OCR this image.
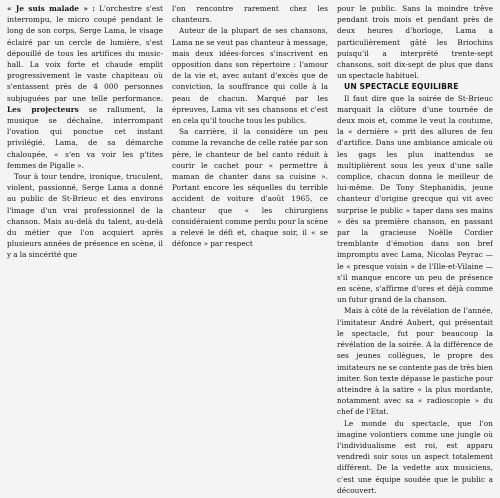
« Je suis malade » : L'orchestre s'est interrompu, le micro coupé pendant le long de son corps, Serge Lama, le visage éclairé par un cercle de lumière, s'est dépouillé de tous les artifices du music-hall. La voix forte et chaude emplit progressivement le vaste chapiteau où s'entassent près de 4 000 personnes subjuguées par une telle performance. Les projecteurs se rallument, la musique se déchaîne, interrompant l'ovation qui ponctue cet instant privilégié. Lama, de sa démarche chaloupée, « s'en va voir les p'tites femmes de Pigalle ».

Tour à tour tendre, ironique, truculent, violent, passionné, Serge Lama a donné au public de St-Brieuc et des environs l'image d'un vrai professionnel de la chanson. Mais au-delà du talent, au-delà du métier que l'on acquiert après plusieurs années de présence en scène, il y a la sincérité que

l'on rencontre rarement chez les chanteurs.

Auteur de la plupart de ses chansons, Lama ne se veut pas chanteur à message, mais deux idées-forces s'inscrivent en opposition dans son répertoire : l'amour de la vie et, avec autant d'excès que de conviction, la souffrance qui colle à la peau de chacun. Marqué par les épreuves, Lama vit ses chansons et c'est en cela qu'il touche tous les publics.

Sa carrière, il la considère un peu comme la revanche de celle ratée par son père, le chanteur de bel canto réduit à courir le cachet pour « permettre à maman de chanter dans sa cuisine ». Portant encore les séquelles du terrible accident de voiture d'août 1965, ce chanteur que « les chirurgiens considéraient comme perdu pour la scène a relevé le défi et, chaque soir, il « se défonce » par respect

pour le public. Sans la moindre trêve pendant trois mois et pendant près de deux heures d'horloge, Lama a particulièrement gâté les Briochins puisqu'il a interprété trente-sept chansons, soit dix-sept de plus que dans un spectacle habituel.

UN SPECTACLE EQUILIBRE

Il faut dire que la soirée de St-Brieuc marquait la clôture d'une tournée de deux mois et, comme le veut la coutume, la « dernière » prit des allures de feu d'artifice. Dans une ambiance amicale où les gags les plus inattendus se multiplièrent sous les yeux d'une salle complice, chacun donna le meilleur de lui-même. De Tony Stephanidis, jeune chanteur d'origine grecque qui vit avec surprise le public « taper dans ses mains » dès sa première chanson, en passant par la gracieuse Noëlle Cordier tremblante d'émotion dans son bref impromptu avec Lama, Nicolas Peyrac — le « presque voisin » de l'Ille-et-Vilaine — s'il manque encore un peu de présence en scène, s'affirme d'ores et déjà comme un futur grand de la chanson.

Mais à côté de la révélation de l'année, l'imitateur André Aubert, qui présentait le spectacle, fut pour beaucoup la révélation de la soirée. A la différence de ses jeunes collègues, le propre des imitateurs ne se contente pas de très bien imiter. Son texte dépasse le pastiche pour atteindre à la satire « la plus mordante, notamment avec sa « radioscopie » du chef de l'Etat.

Le monde du spectacle, que l'on imagine volontiers comme une jungle où l'individualisme est roi, est apparu vendredi soir sous un aspect totalement différent. De la vedette aux musiciens, c'est une équipe soudée que le public a découvert.
